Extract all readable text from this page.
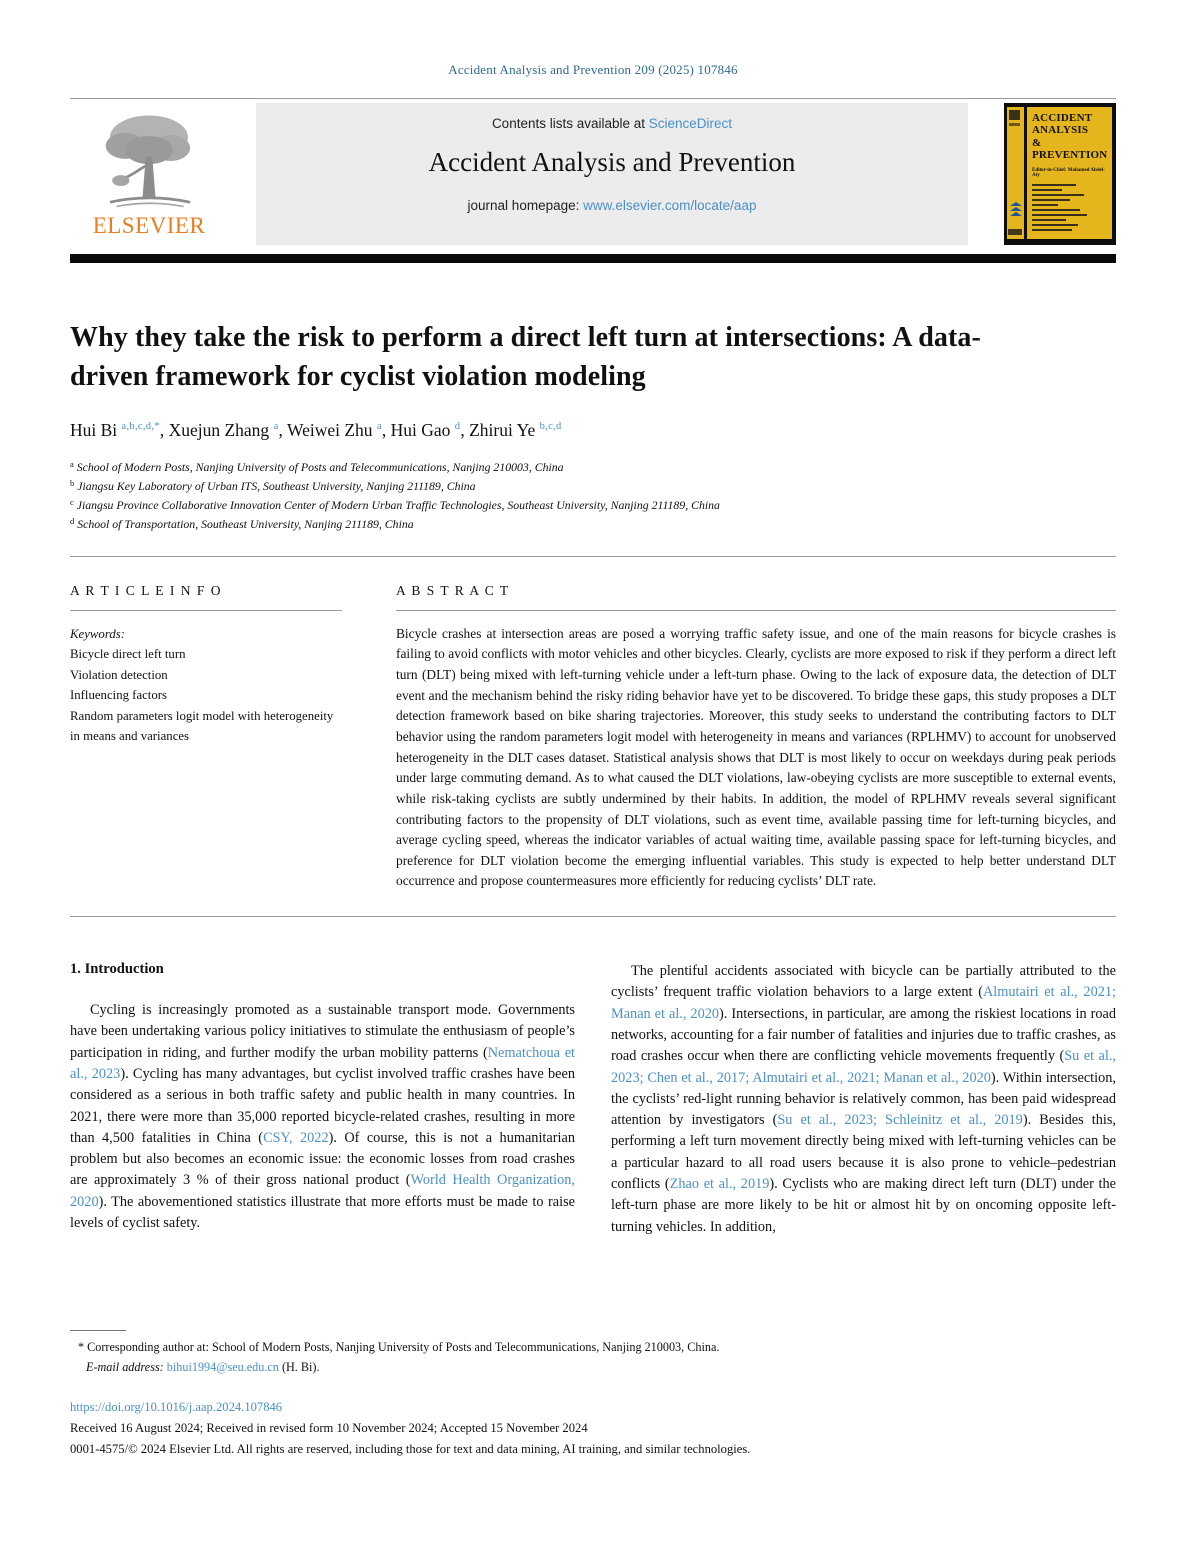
Accident Analysis and Prevention 209 (2025) 107846
ELSEVIER
Contents lists available at ScienceDirect
Accident Analysis and Prevention
journal homepage: www.elsevier.com/locate/aap
ACCIDENT
ANALYSIS
&
PREVENTION
Editor-in-Chief: Mohamed Abdel-Aty
Why they take the risk to perform a direct left turn at intersections: A data-driven framework for cyclist violation modeling
Hui Bi $^{a,b,c,d,*}$, Xuejun Zhang $^a$, Weiwei Zhu $^a$, Hui Gao $^d$, Zhirui Ye $^{b,c,d}$
$^a$ School of Modern Posts, Nanjing University of Posts and Telecommunications, Nanjing 210003, China
$^b$ Jiangsu Key Laboratory of Urban ITS, Southeast University, Nanjing 211189, China
$^c$ Jiangsu Province Collaborative Innovation Center of Modern Urban Traffic Technologies, Southeast University, Nanjing 211189, China
$^d$ School of Transportation, Southeast University, Nanjing 211189, China
A R T I C L E I N F O
Keywords:
Bicycle direct left turn
Violation detection
Influencing factors
Random parameters logit model with heterogeneity in means and variances
A B S T R A C T

Bicycle crashes at intersection areas are posed a worrying traffic safety issue, and one of the main reasons for bicycle crashes is failing to avoid conflicts with motor vehicles and other bicycles. Clearly, cyclists are more exposed to risk if they perform a direct left turn (DLT) being mixed with left-turning vehicle under a left-turn phase. Owing to the lack of exposure data, the detection of DLT event and the mechanism behind the risky riding behavior have yet to be discovered. To bridge these gaps, this study proposes a DLT detection framework based on bike sharing trajectories. Moreover, this study seeks to understand the contributing factors to DLT behavior using the random parameters logit model with heterogeneity in means and variances (RPLHMV) to account for unobserved heterogeneity in the DLT cases dataset. Statistical analysis shows that DLT is most likely to occur on weekdays during peak periods under large commuting demand. As to what caused the DLT violations, law-obeying cyclists are more susceptible to external events, while risk-taking cyclists are subtly undermined by their habits. In addition, the model of RPLHMV reveals several significant contributing factors to the propensity of DLT violations, such as event time, available passing time for left-turning bicycles, and average cycling speed, whereas the indicator variables of actual waiting time, available passing space for left-turning bicycles, and preference for DLT violation become the emerging influential variables. This study is expected to help better understand DLT occurrence and propose countermeasures more efficiently for reducing cyclists’ DLT rate.

1. Introduction

Cycling is increasingly promoted as a sustainable transport mode. Governments have been undertaking various policy initiatives to stimulate the enthusiasm of people’s participation in riding, and further modify the urban mobility patterns (Nematchoua et al., 2023). Cycling has many advantages, but cyclist involved traffic crashes have been considered as a serious in both traffic safety and public health in many countries. In 2021, there were more than 35,000 reported bicycle-related crashes, resulting in more than 4,500 fatalities in China (CSY, 2022). Of course, this is not a humanitarian problem but also becomes an economic issue: the economic losses from road crashes are approximately 3 % of their gross national product (World Health Organization, 2020). The abovementioned statistics illustrate that more efforts must be made to raise levels of cyclist safety.

The plentiful accidents associated with bicycle can be partially attributed to the cyclists’ frequent traffic violation behaviors to a large extent (Almutairi et al., 2021; Manan et al., 2020). Intersections, in particular, are among the riskiest locations in road networks, accounting for a fair number of fatalities and injuries due to traffic crashes, as road crashes occur when there are conflicting vehicle movements frequently (Su et al., 2023; Chen et al., 2017; Almutairi et al., 2021; Manan et al., 2020). Within intersection, the cyclists’ red-light running behavior is relatively common, has been paid widespread attention by investigators (Su et al., 2023; Schleinitz et al., 2019). Besides this, performing a left turn movement directly being mixed with left-turning vehicles can be a particular hazard to all road users because it is also prone to vehicle–pedestrian conflicts (Zhao et al., 2019). Cyclists who are making direct left turn (DLT) under the left-turn phase are more likely to be hit or almost hit by on oncoming opposite left-turning vehicles. In addition,

* Corresponding author at: School of Modern Posts, Nanjing University of Posts and Telecommunications, Nanjing 210003, China.
E-mail address: bihui1994@seu.edu.cn (H. Bi).
https://doi.org/10.1016/j.aap.2024.107846
Received 16 August 2024; Received in revised form 10 November 2024; Accepted 15 November 2024
0001-4575/© 2024 Elsevier Ltd. All rights are reserved, including those for text and data mining, AI training, and similar technologies.
